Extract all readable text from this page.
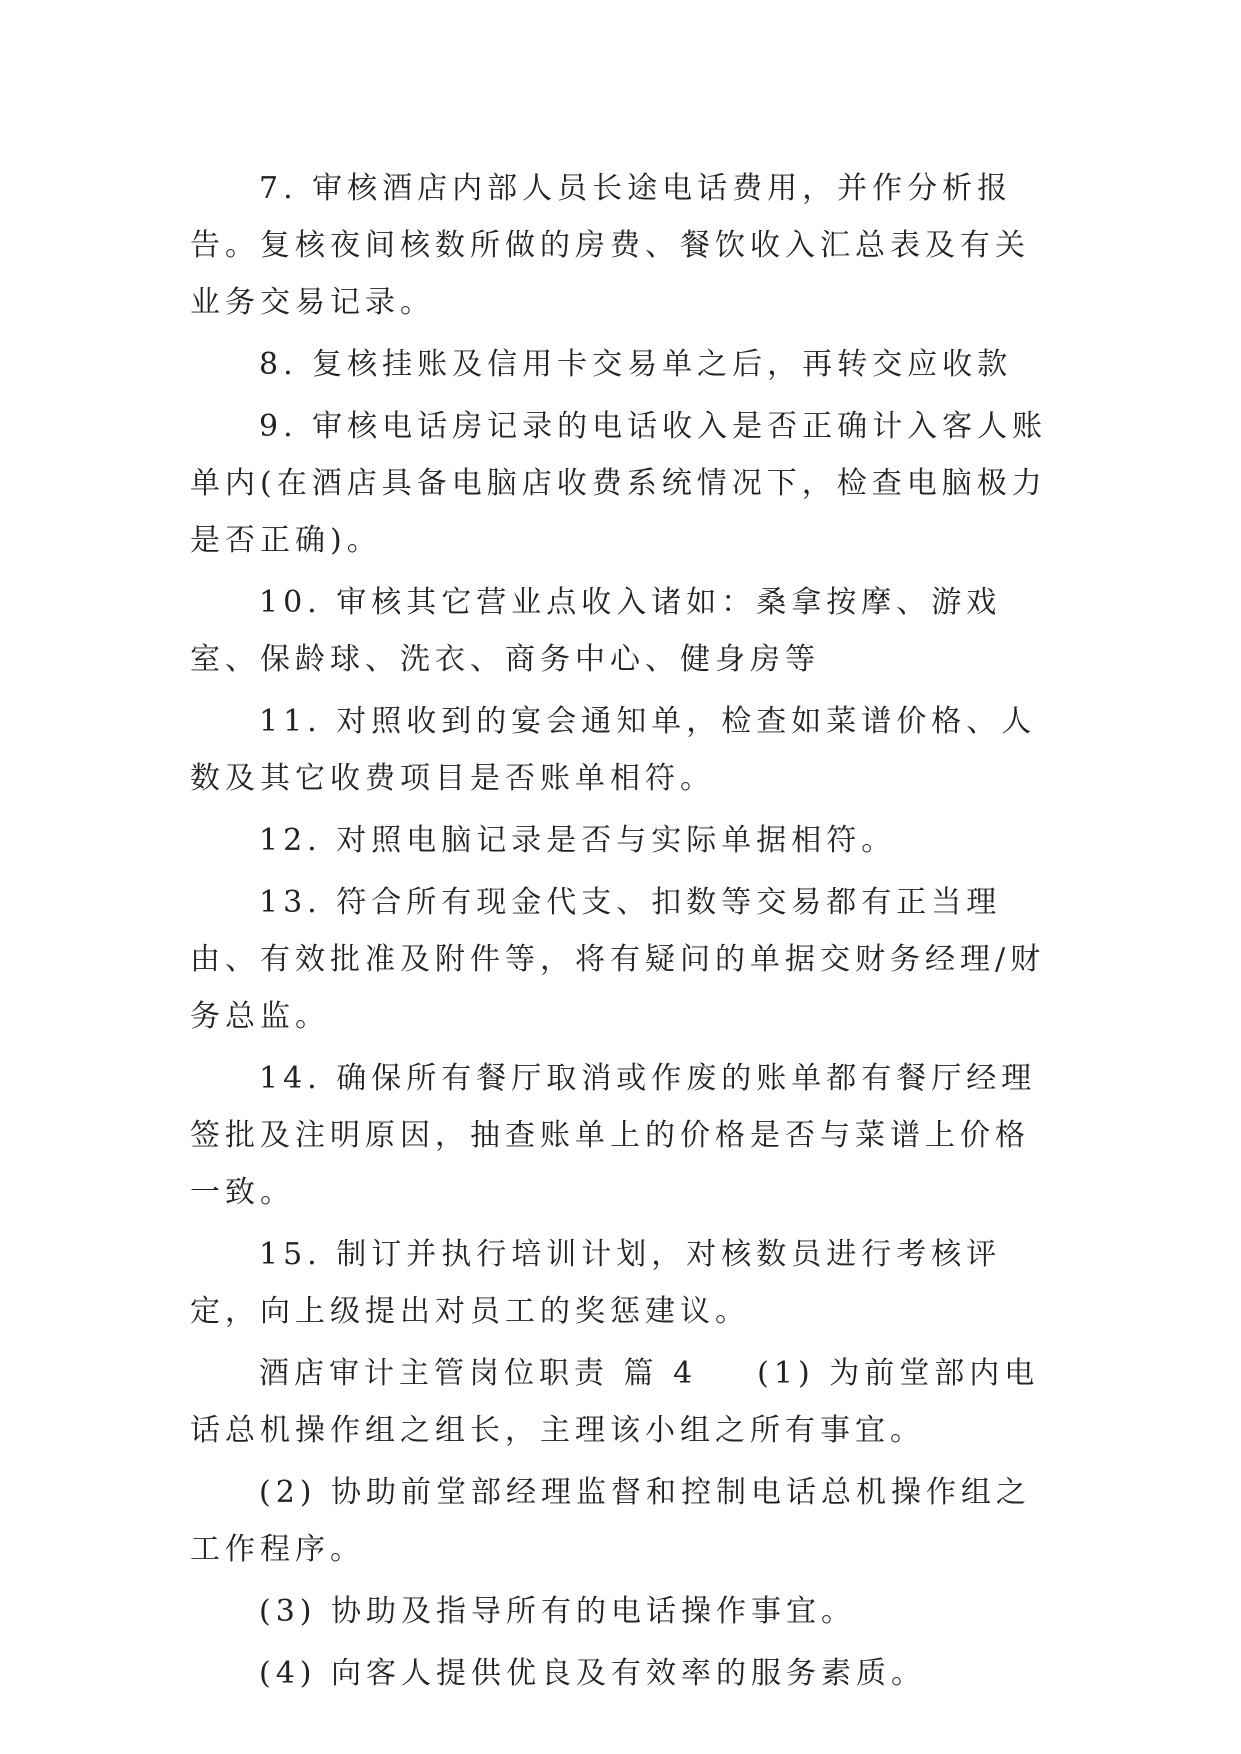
7. 审核酒店内部人员长途电话费用，并作分析报告。复核夜间核数所做的房费、餐饮收入汇总表及有关业务交易记录。

8. 复核挂账及信用卡交易单之后，再转交应收款

9. 审核电话房记录的电话收入是否正确计入客人账单内(在酒店具备电脑店收费系统情况下，检查电脑极力是否正确)。

10. 审核其它营业点收入诸如：桑拿按摩、游戏室、保龄球、洗衣、商务中心、健身房等

11. 对照收到的宴会通知单，检查如菜谱价格、人数及其它收费项目是否账单相符。

12. 对照电脑记录是否与实际单据相符。

13. 符合所有现金代支、扣数等交易都有正当理由、有效批准及附件等，将有疑问的单据交财务经理/财务总监。

14. 确保所有餐厅取消或作废的账单都有餐厅经理签批及注明原因，抽查账单上的价格是否与菜谱上价格一致。

15. 制订并执行培训计划，对核数员进行考核评定，向上级提出对员工的奖惩建议。

酒店审计主管岗位职责 篇 4 (1) 为前堂部内电话总机操作组之组长，主理该小组之所有事宜。

(2) 协助前堂部经理监督和控制电话总机操作组之工作程序。

(3) 协助及指导所有的电话操作事宜。

(4) 向客人提供优良及有效率的服务素质。
